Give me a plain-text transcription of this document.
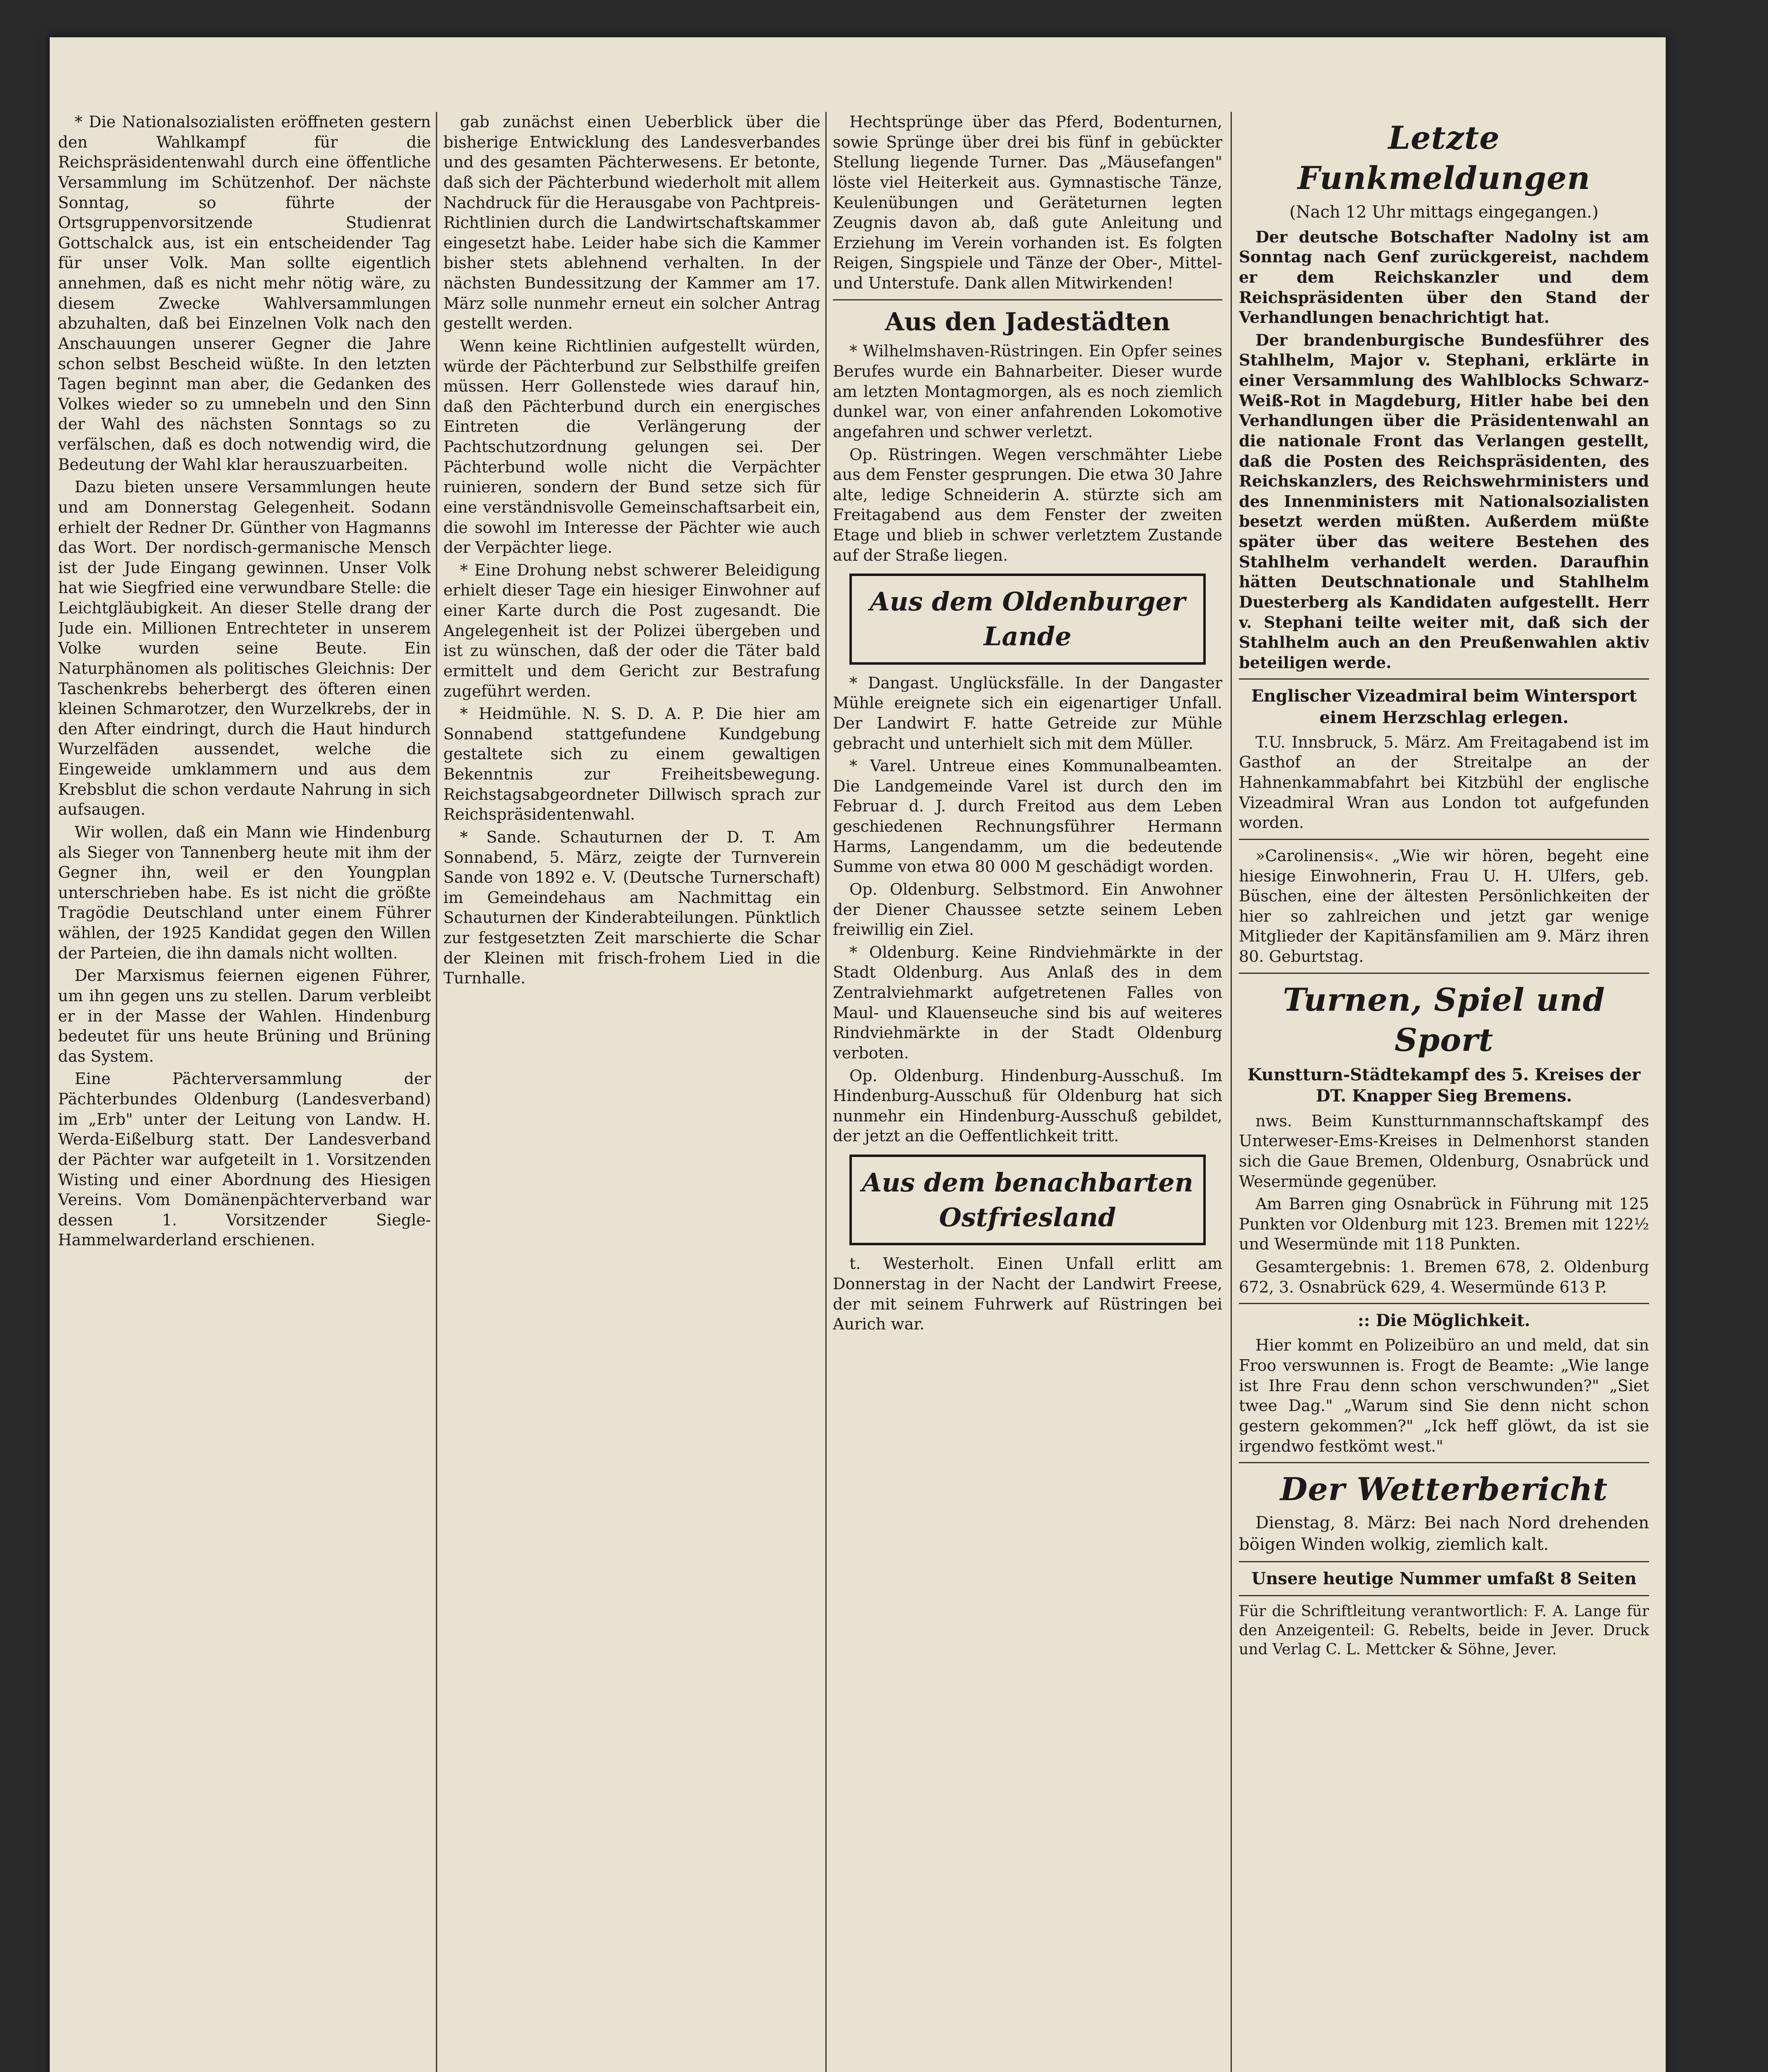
* Die Nationalsozialisten eröffneten gestern den Wahlkampf für die Reichspräsidentenwahl durch eine öffentliche Versammlung im Schützenhof. Der nächste Sonntag, so führte der Ortsgruppenvorsitzende Studienrat Gottschalck aus, ist ein entscheidender Tag für unser Volk. Man sollte eigentlich annehmen, daß es nicht mehr nötig wäre, zu diesem Zwecke Wahlversammlungen abzuhalten, daß bei Einzelnen Volk nach den Anschauungen unserer Gegner die Jahre schon selbst Bescheid wüßte. In den letzten Tagen beginnt man aber, die Gedanken des Volkes wieder so zu umnebeln und den Sinn der Wahl des nächsten Sonntags so zu verfälschen, daß es doch notwendig wird, die Bedeutung der Wahl klar herauszuarbeiten.

Dazu bieten unsere Versammlungen heute und am Donnerstag Gelegenheit. Sodann erhielt der Redner Dr. Günther von Hagmanns das Wort. Der nordisch-germanische Mensch ist der Jude Eingang gewinnen. Unser Volk hat wie Siegfried eine verwundbare Stelle: die Leichtgläubigkeit. An dieser Stelle drang der Jude ein. Millionen Entrechteter in unserem Volke wurden seine Beute. Ein Naturphänomen als politisches Gleichnis: Der Taschenkrebs beherbergt des öfteren einen kleinen Schmarotzer, den Wurzelkrebs, der in den After eindringt, durch die Haut hindurch Wurzelfäden aussendet, welche die Eingeweide umklammern und aus dem Krebsblut die schon verdaute Nahrung in sich aufsaugen.

Wir wollen, daß ein Mann wie Hindenburg als Sieger von Tannenberg heute mit ihm der Gegner ihn, weil er den Youngplan unterschrieben habe. Es ist nicht die größte Tragödie Deutschland unter einem Führer wählen, der 1925 Kandidat gegen den Willen der Parteien, die ihn damals nicht wollten.

Der Marxismus feiernen eigenen Führer, um ihn gegen uns zu stellen. Darum verbleibt er in der Masse der Wahlen. Hindenburg bedeutet für uns heute Brüning und Brüning das System.

Eine Pächterversammlung der Pächterbundes Oldenburg (Landesverband) im „Erb" unter der Leitung von Landw. H. Werda-Eißelburg statt. Der Landesverband der Pächter war aufgeteilt in 1. Vorsitzenden Wisting und einer Abordnung des Hiesigen Vereins. Vom Domänenpächterverband war dessen 1. Vorsitzender Siegle-Hammelwarderland erschienen.

gab zunächst einen Ueberblick über die bisherige Entwicklung des Landesverbandes und des gesamten Pächterwesens. Er betonte, daß sich der Pächterbund wiederholt mit allem Nachdruck für die Herausgabe von Pachtpreis-Richtlinien durch die Landwirtschaftskammer eingesetzt habe. Leider habe sich die Kammer bisher stets ablehnend verhalten. In der nächsten Bundessitzung der Kammer am 17. März solle nunmehr erneut ein solcher Antrag gestellt werden.

Wenn keine Richtlinien aufgestellt würden, würde der Pächterbund zur Selbsthilfe greifen müssen. Herr Gollenstede wies darauf hin, daß den Pächterbund durch ein energisches Eintreten die Verlängerung der Pachtschutzordnung gelungen sei. Der Pächterbund wolle nicht die Verpächter ruinieren, sondern der Bund setze sich für eine verständnisvolle Gemeinschaftsarbeit ein, die sowohl im Interesse der Pächter wie auch der Verpächter liege.

* Eine Drohung nebst schwerer Beleidigung erhielt dieser Tage ein hiesiger Einwohner auf einer Karte durch die Post zugesandt. Die Angelegenheit ist der Polizei übergeben und ist zu wünschen, daß der oder die Täter bald ermittelt und dem Gericht zur Bestrafung zugeführt werden.

* Heidmühle. N. S. D. A. P. Die hier am Sonnabend stattgefundene Kundgebung gestaltete sich zu einem gewaltigen Bekenntnis zur Freiheitsbewegung. Reichstagsabgeordneter Dillwisch sprach zur Reichspräsidentenwahl.

* Sande. Schauturnen der D. T. Am Sonnabend, 5. März, zeigte der Turnverein Sande von 1892 e. V. (Deutsche Turnerschaft) im Gemeindehaus am Nachmittag ein Schauturnen der Kinderabteilungen. Pünktlich zur festgesetzten Zeit marschierte die Schar der Kleinen mit frisch-frohem Lied in die Turnhalle.

Hechtsprünge über das Pferd, Bodenturnen, sowie Sprünge über drei bis fünf in gebückter Stellung liegende Turner. Das „Mäusefangen" löste viel Heiterkeit aus. Gymnastische Tänze, Keulenübungen und Geräteturnen legten Zeugnis davon ab, daß gute Anleitung und Erziehung im Verein vorhanden ist. Es folgten Reigen, Singspiele und Tänze der Ober-, Mittel- und Unterstufe. Dank allen Mitwirkenden!

Aus den Jadestädten

* Wilhelmshaven-Rüstringen. Ein Opfer seines Berufes wurde ein Bahnarbeiter. Dieser wurde am letzten Montagmorgen, als es noch ziemlich dunkel war, von einer anfahrenden Lokomotive angefahren und schwer verletzt.

Op. Rüstringen. Wegen verschmähter Liebe aus dem Fenster gesprungen. Die etwa 30 Jahre alte, ledige Schneiderin A. stürzte sich am Freitagabend aus dem Fenster der zweiten Etage und blieb in schwer verletztem Zustande auf der Straße liegen.

Aus dem Oldenburger Lande

* Dangast. Unglücksfälle. In der Dangaster Mühle ereignete sich ein eigenartiger Unfall. Der Landwirt F. hatte Getreide zur Mühle gebracht und unterhielt sich mit dem Müller.

* Varel. Untreue eines Kommunalbeamten. Die Landgemeinde Varel ist durch den im Februar d. J. durch Freitod aus dem Leben geschiedenen Rechnungsführer Hermann Harms, Langendamm, um die bedeutende Summe von etwa 80 000 M geschädigt worden.

Op. Oldenburg. Selbstmord. Ein Anwohner der Diener Chaussee setzte seinem Leben freiwillig ein Ziel.

* Oldenburg. Keine Rindviehmärkte in der Stadt Oldenburg. Aus Anlaß des in dem Zentralviehmarkt aufgetretenen Falles von Maul- und Klauenseuche sind bis auf weiteres Rindviehmärkte in der Stadt Oldenburg verboten.

Op. Oldenburg. Hindenburg-Ausschuß. Im Hindenburg-Ausschuß für Oldenburg hat sich nunmehr ein Hindenburg-Ausschuß gebildet, der jetzt an die Oeffentlichkeit tritt.

Aus dem benachbarten Ostfriesland

t. Westerholt. Einen Unfall erlitt am Donnerstag in der Nacht der Landwirt Freese, der mit seinem Fuhrwerk auf Rüstringen bei Aurich war.

Letzte Funkmeldungen
(Nach 12 Uhr mittags eingegangen.)

Der deutsche Botschafter Nadolny ist am Sonntag nach Genf zurückgereist, nachdem er dem Reichskanzler und dem Reichspräsidenten über den Stand der Verhandlungen benachrichtigt hat.

Der brandenburgische Bundesführer des Stahlhelm, Major v. Stephani, erklärte in einer Versammlung des Wahlblocks Schwarz-Weiß-Rot in Magdeburg, Hitler habe bei den Verhandlungen über die Präsidentenwahl an die nationale Front das Verlangen gestellt, daß die Posten des Reichspräsidenten, des Reichskanzlers, des Reichswehrministers und des Innenministers mit Nationalsozialisten besetzt werden müßten. Außerdem müßte später über das weitere Bestehen des Stahlhelm verhandelt werden. Daraufhin hätten Deutschnationale und Stahlhelm Duesterberg als Kandidaten aufgestellt. Herr v. Stephani teilte weiter mit, daß sich der Stahlhelm auch an den Preußenwahlen aktiv beteiligen werde.

Englischer Vizeadmiral beim Wintersport einem Herzschlag erlegen.

T.U. Innsbruck, 5. März. Am Freitagabend ist im Gasthof an der Streitalpe an der Hahnenkammabfahrt bei Kitzbühl der englische Vizeadmiral Wran aus London tot aufgefunden worden.

»Carolinensis«. „Wie wir hören, begeht eine hiesige Einwohnerin, Frau U. H. Ulfers, geb. Büschen, eine der ältesten Persönlichkeiten der hier so zahlreichen und jetzt gar wenige Mitglieder der Kapitänsfamilien am 9. März ihren 80. Geburtstag.

Turnen, Spiel und Sport
Kunstturn-Städtekampf des 5. Kreises der DT. Knapper Sieg Bremens.

nws. Beim Kunstturnmannschaftskampf des Unterweser-Ems-Kreises in Delmenhorst standen sich die Gaue Bremen, Oldenburg, Osnabrück und Wesermünde gegenüber.

Am Barren ging Osnabrück in Führung mit 125 Punkten vor Oldenburg mit 123. Bremen mit 122½ und Wesermünde mit 118 Punkten.

Gesamtergebnis: 1. Bremen 678, 2. Oldenburg 672, 3. Osnabrück 629, 4. Wesermünde 613 P.

:: Die Möglichkeit.

Hier kommt en Polizeibüro an und meld, dat sin Froo verswunnen is. Frogt de Beamte: „Wie lange ist Ihre Frau denn schon verschwunden?" „Siet twee Dag." „Warum sind Sie denn nicht schon gestern gekommen?" „Ick heff glöwt, da ist sie irgendwo festkömt west."

Der Wetterbericht

Dienstag, 8. März: Bei nach Nord drehenden böigen Winden wolkig, ziemlich kalt.

Unsere heutige Nummer umfaßt 8 Seiten

Für die Schriftleitung verantwortlich: F. A. Lange für den Anzeigenteil: G. Rebelts, beide in Jever. Druck und Verlag C. L. Mettcker & Söhne, Jever.
